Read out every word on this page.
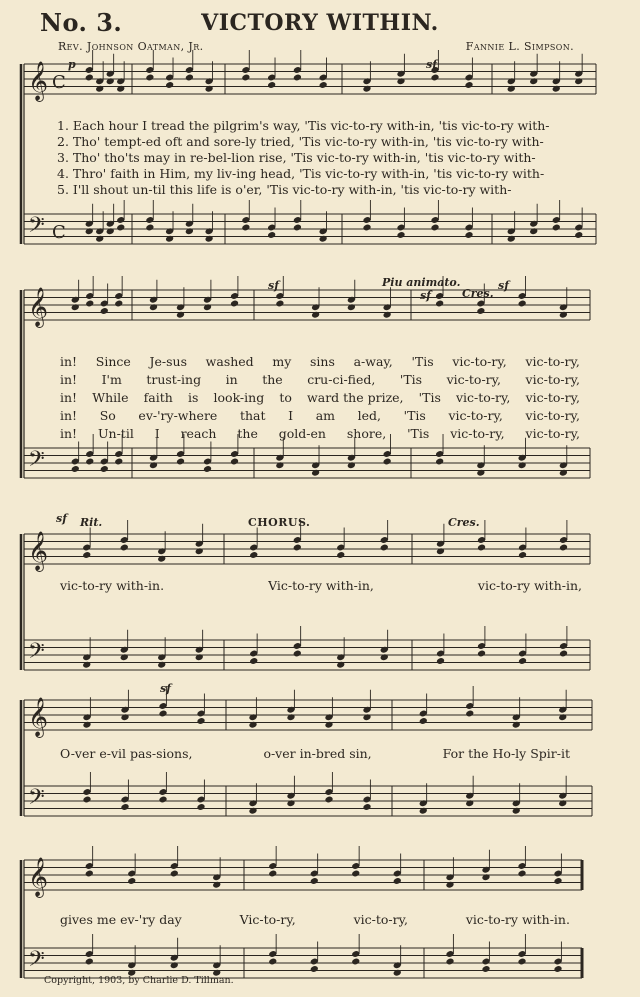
No. 3.	VICTORY WITHIN.
Rev. Johnson Oatman, Jr.	Fannie L. Simpson.
𝄞 C
𝄢 C
𝄞
𝄢
𝄞
𝄢
𝄞
𝄢
𝄞
𝄢
p	sf
sf	Piu animato.
Cres.
sf
sf
sf Rit.	CHORUS.	Cres.
sf
1. Each hour I tread the pilgrim's way, 'Tis vic-to-ry with-in, 'tis vic-to-ry with-
2. Tho' tempt-ed oft and sore-ly tried, 'Tis vic-to-ry with-in, 'tis vic-to-ry with-
3. Tho' tho'ts may in re-bel-lion rise, 'Tis vic-to-ry with-in, 'tis vic-to-ry with-
4. Thro' faith in Him, my liv-ing head, 'Tis vic-to-ry with-in, 'tis vic-to-ry with-
5. I'll shout un-til this life is o'er, 'Tis vic-to-ry with-in, 'tis vic-to-ry with-
in! Since Je-sus washed my sins a-way, 'Tis vic-to-ry, vic-to-ry,
in! I'm trust-ing in the cru-ci-fied, 'Tis vic-to-ry, vic-to-ry,
in! While faith is look-ing to ward the prize, 'Tis vic-to-ry, vic-to-ry,
in! So ev-'ry-where that I am led, 'Tis vic-to-ry, vic-to-ry,
in! Un-til I reach the gold-en shore, 'Tis vic-to-ry, vic-to-ry,
vic-to-ry with-in.	Vic-to-ry with-in,	vic-to-ry with-in,
O-ver e-vil pas-sions,	o-ver in-bred sin,	For the Ho-ly Spir-it
gives me ev-'ry day	Vic-to-ry,	vic-to-ry,	vic-to-ry with-in.
Copyright, 1903, by Charlie D. Tillman.
